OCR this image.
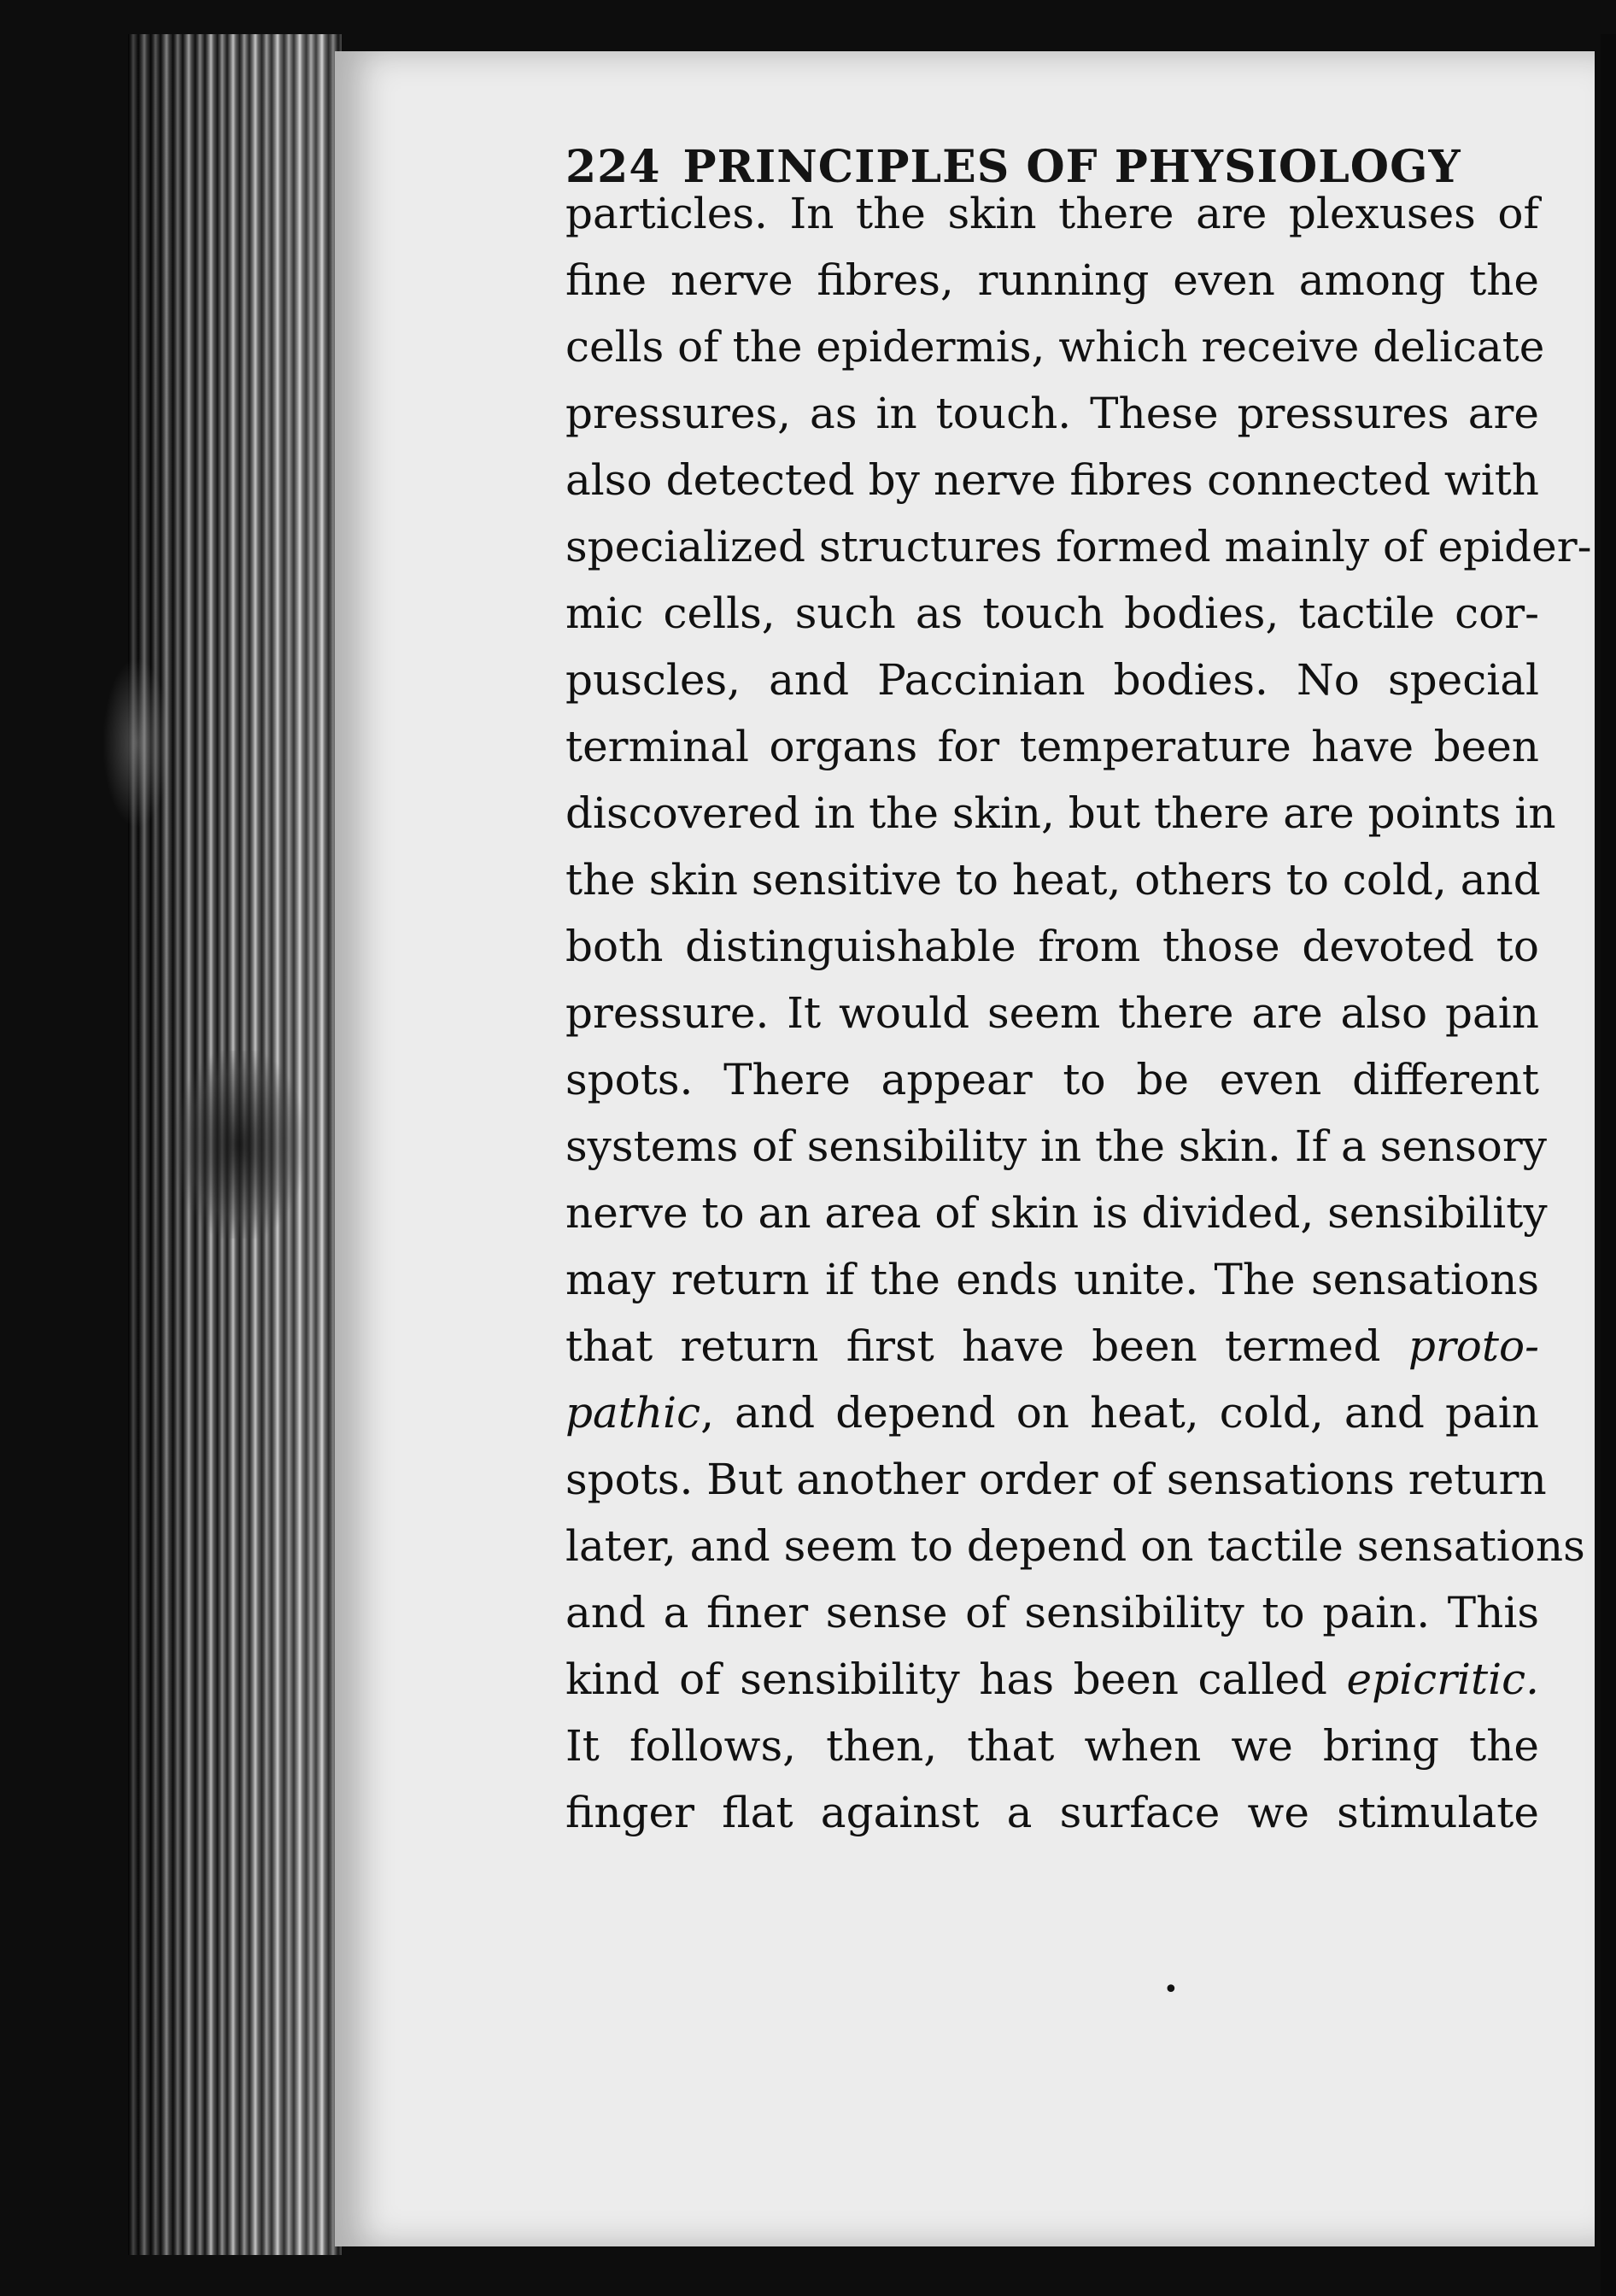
224 PRINCIPLES OF PHYSIOLOGY
particles. In the skin there are plexuses of
fine nerve fibres, running even among the
cells of the epidermis, which receive delicate
pressures, as in touch. These pressures are
also detected by nerve fibres connected with
specialized structures formed mainly of epider-
mic cells, such as touch bodies, tactile cor-
puscles, and Paccinian bodies. No special
terminal organs for temperature have been
discovered in the skin, but there are points in
the skin sensitive to heat, others to cold, and
both distinguishable from those devoted to
pressure. It would seem there are also pain
spots. There appear to be even different
systems of sensibility in the skin. If a sensory
nerve to an area of skin is divided, sensibility
may return if the ends unite. The sensations
that return first have been termed proto-
pathic, and depend on heat, cold, and pain
spots. But another order of sensations return
later, and seem to depend on tactile sensations
and a finer sense of sensibility to pain. This
kind of sensibility has been called epicritic.
It follows, then, that when we bring the
finger flat against a surface we stimulate
•
